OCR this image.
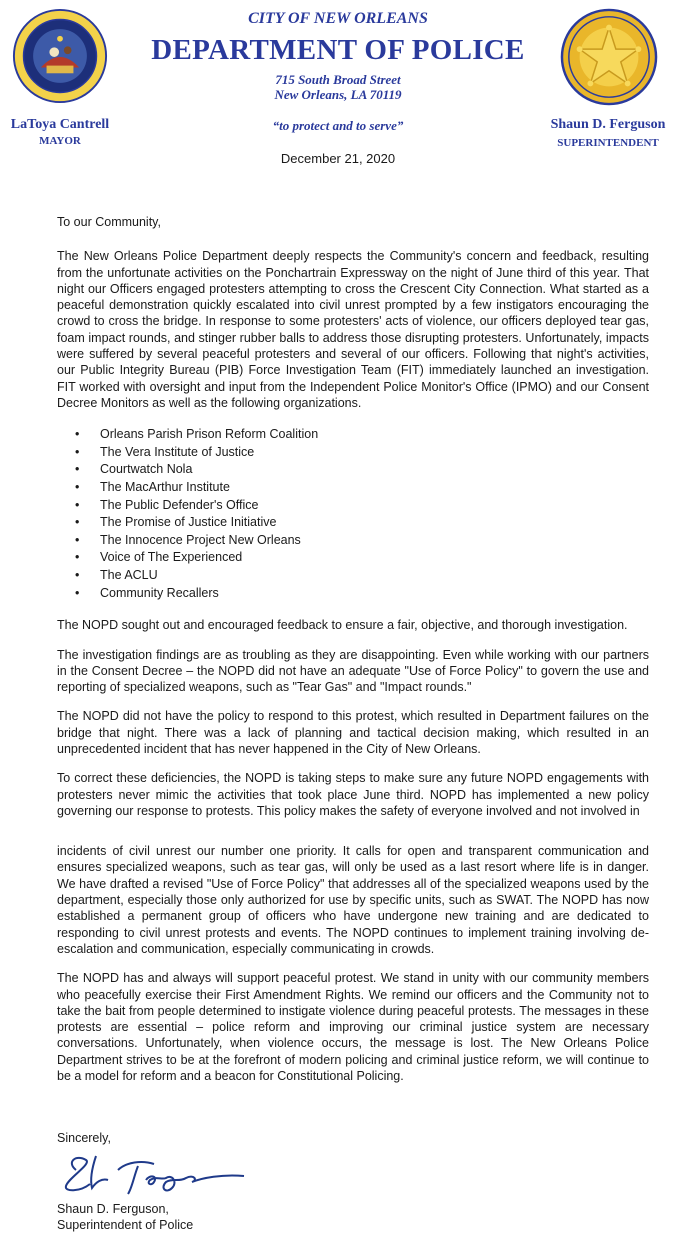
CITY OF NEW ORLEANS
DEPARTMENT OF POLICE
715 South Broad Street
New Orleans, LA 70119
“to protect and to serve”
LaToya Cantrell
MAYOR
Shaun D. Ferguson
SUPERINTENDENT
December 21, 2020

To our Community,

The New Orleans Police Department deeply respects the Community's concern and feedback, resulting from the unfortunate activities on the Ponchartrain Expressway on the night of June third of this year. That night our Officers engaged protesters attempting to cross the Crescent City Connection. What started as a peaceful demonstration quickly escalated into civil unrest prompted by a few instigators encouraging the crowd to cross the bridge. In response to some protesters' acts of violence, our officers deployed tear gas, foam impact rounds, and stinger rubber balls to address those disrupting protesters. Unfortunately, impacts were suffered by several peaceful protesters and several of our officers. Following that night's activities, our Public Integrity Bureau (PIB) Force Investigation Team (FIT) immediately launched an investigation. FIT worked with oversight and input from the Independent Police Monitor's Office (IPMO) and our Consent Decree Monitors as well as the following organizations.

• Orleans Parish Prison Reform Coalition
• The Vera Institute of Justice
• Courtwatch Nola
• The MacArthur Institute
• The Public Defender's Office
• The Promise of Justice Initiative
• The Innocence Project New Orleans
• Voice of The Experienced
• The ACLU
• Community Recallers

The NOPD sought out and encouraged feedback to ensure a fair, objective, and thorough investigation.

The investigation findings are as troubling as they are disappointing. Even while working with our partners in the Consent Decree – the NOPD did not have an adequate "Use of Force Policy" to govern the use and reporting of specialized weapons, such as "Tear Gas" and "Impact rounds."

The NOPD did not have the policy to respond to this protest, which resulted in Department failures on the bridge that night. There was a lack of planning and tactical decision making, which resulted in an unprecedented incident that has never happened in the City of New Orleans.

To correct these deficiencies, the NOPD is taking steps to make sure any future NOPD engagements with protesters never mimic the activities that took place June third. NOPD has implemented a new policy governing our response to protests. This policy makes the safety of everyone involved and not involved in

incidents of civil unrest our number one priority. It calls for open and transparent communication and ensures specialized weapons, such as tear gas, will only be used as a last resort where life is in danger. We have drafted a revised "Use of Force Policy" that addresses all of the specialized weapons used by the department, especially those only authorized for use by specific units, such as SWAT. The NOPD has now established a permanent group of officers who have undergone new training and are dedicated to responding to civil unrest protests and events. The NOPD continues to implement training involving de-escalation and communication, especially communicating in crowds.

The NOPD has and always will support peaceful protest. We stand in unity with our community members who peacefully exercise their First Amendment Rights. We remind our officers and the Community not to take the bait from people determined to instigate violence during peaceful protests. The messages in these protests are essential – police reform and improving our criminal justice system are necessary conversations. Unfortunately, when violence occurs, the message is lost. The New Orleans Police Department strives to be at the forefront of modern policing and criminal justice reform, we will continue to be a model for reform and a beacon for Constitutional Policing.

Sincerely,
Shaun D. Ferguson,
Superintendent of Police
